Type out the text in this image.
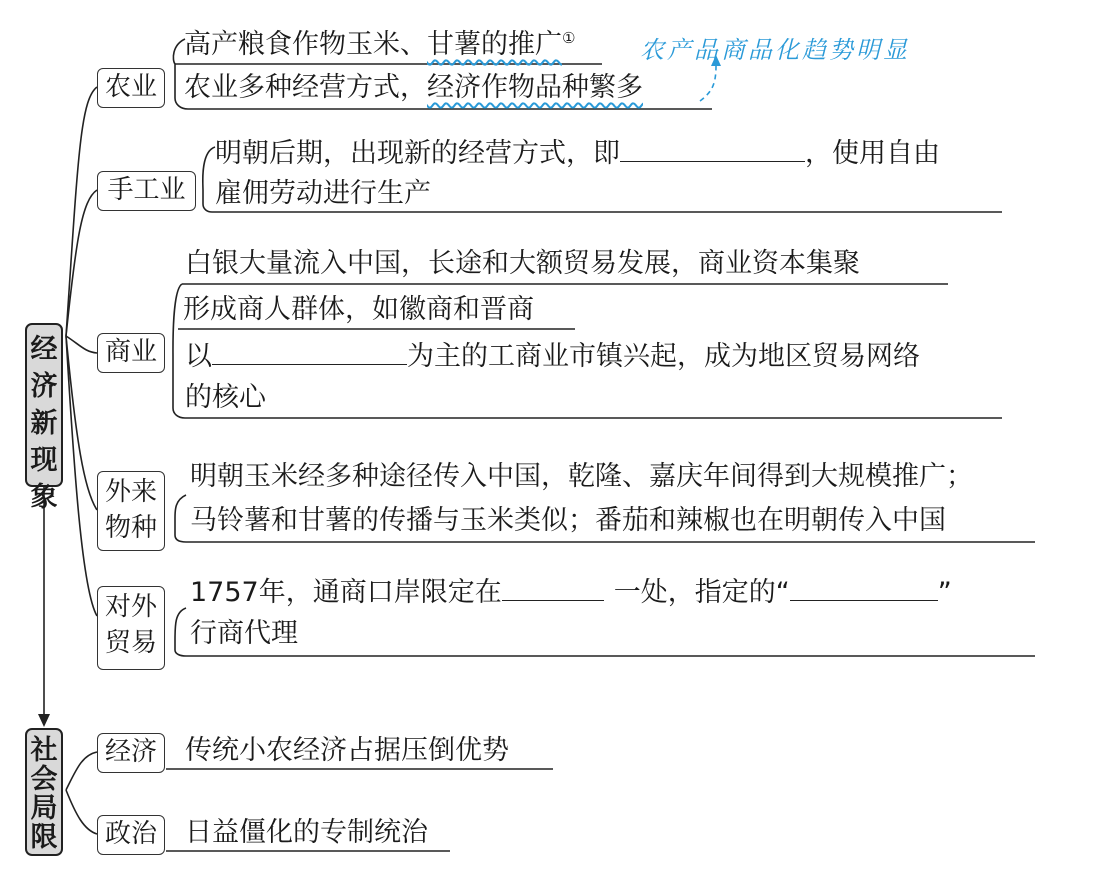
经
济
新
现
象
社
会
局
限
农业
手工业
商业
外来
物种
对外
贸易
经济
政治
高产粮食作物玉米、甘薯的推广①	农产品商品化趋势明显
农业多种经营方式，经济作物品种繁多
明朝后期，出现新的经营方式，即	，使用自由
雇佣劳动进行生产
白银大量流入中国，长途和大额贸易发展，商业资本集聚
形成商人群体，如徽商和晋商
以	为主的工商业市镇兴起，成为地区贸易网络
的核心
明朝玉米经多种途径传入中国，乾隆、嘉庆年间得到大规模推广；
马铃薯和甘薯的传播与玉米类似；番茄和辣椒也在明朝传入中国
1757年，通商口岸限定在	一处，指定的“	”
行商代理
传统小农经济占据压倒优势
日益僵化的专制统治
